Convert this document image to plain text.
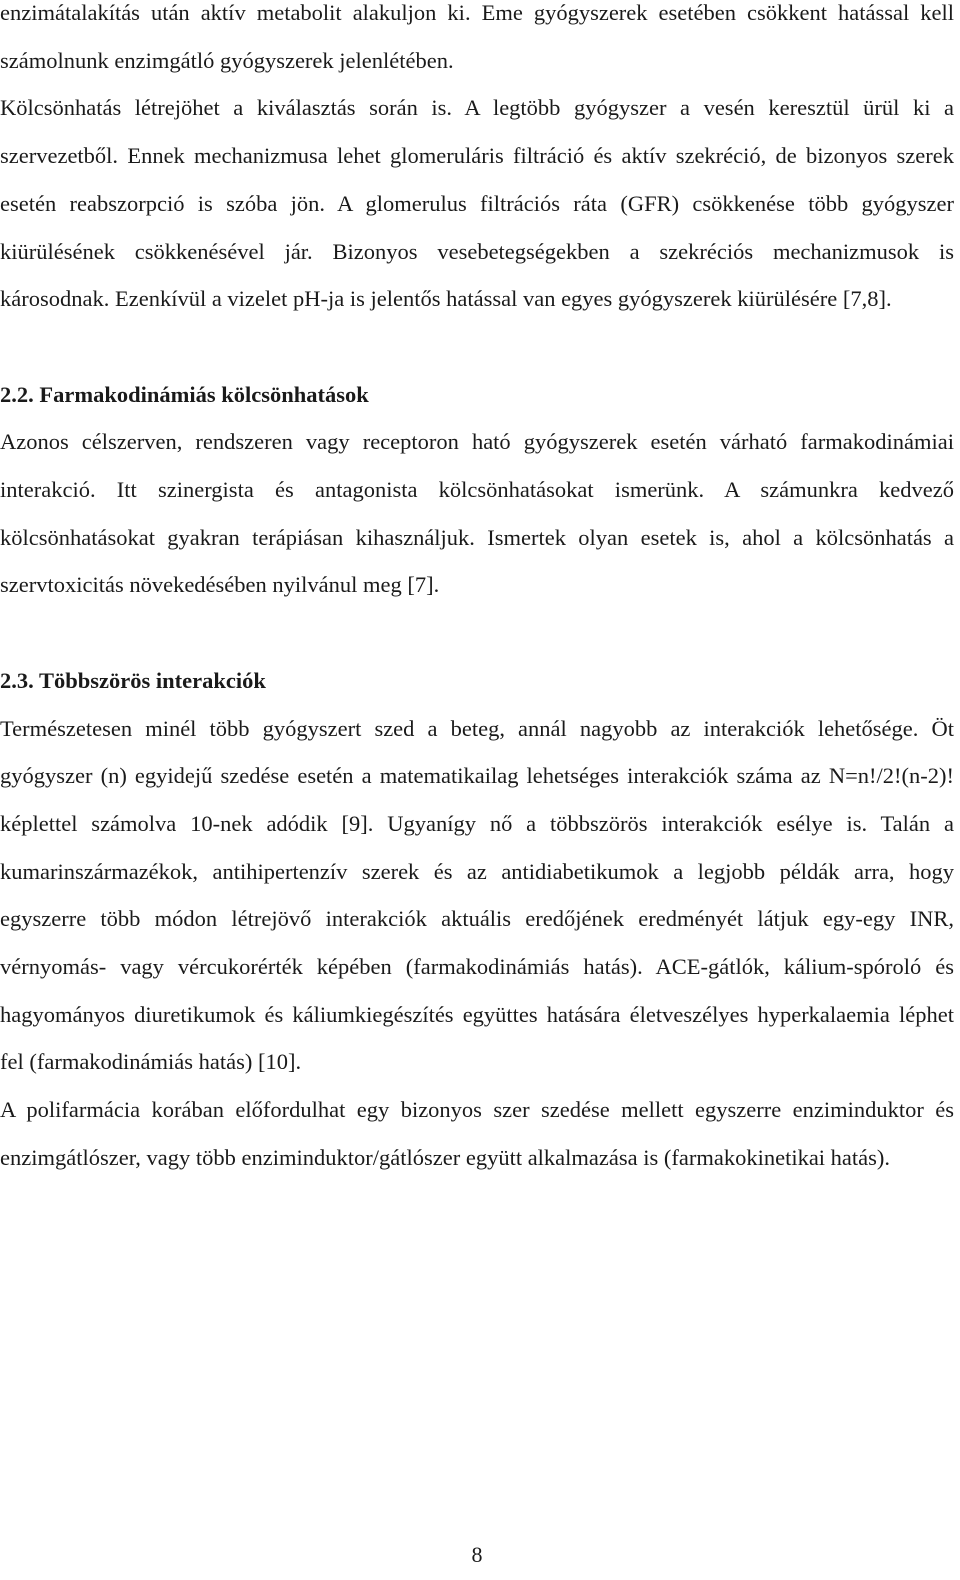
enzimátalakítás után aktív metabolit alakuljon ki. Eme gyógyszerek esetében csökkent hatással kell számolnunk enzimgátló gyógyszerek jelenlétében.

Kölcsönhatás létrejöhet a kiválasztás során is. A legtöbb gyógyszer a vesén keresztül ürül ki a szervezetből. Ennek mechanizmusa lehet glomeruláris filtráció és aktív szekréció, de bizonyos szerek esetén reabszorpció is szóba jön. A glomerulus filtrációs ráta (GFR) csökkenése több gyógyszer kiürülésének csökkenésével jár. Bizonyos vesebetegségekben a szekréciós mechanizmusok is károsodnak. Ezenkívül a vizelet pH-ja is jelentős hatással van egyes gyógyszerek kiürülésére [7,8].

2.2. Farmakodinámiás kölcsönhatások

Azonos célszerven, rendszeren vagy receptoron ható gyógyszerek esetén várható farmakodinámiai interakció. Itt szinergista és antagonista kölcsönhatásokat ismerünk. A számunkra kedvező kölcsönhatásokat gyakran terápiásan kihasználjuk. Ismertek olyan esetek is, ahol a kölcsönhatás a szervtoxicitás növekedésében nyilvánul meg [7].

2.3. Többszörös interakciók

Természetesen minél több gyógyszert szed a beteg, annál nagyobb az interakciók lehetősége. Öt gyógyszer (n) egyidejű szedése esetén a matematikailag lehetséges interakciók száma az N=n!/2!(n-2)! képlettel számolva 10-nek adódik [9]. Ugyanígy nő a többszörös interakciók esélye is. Talán a kumarinszármazékok, antihipertenzív szerek és az antidiabetikumok a legjobb példák arra, hogy egyszerre több módon létrejövő interakciók aktuális eredőjének eredményét látjuk egy-egy INR, vérnyomás- vagy vércukorérték képében (farmakodinámiás hatás). ACE-gátlók, kálium-spóroló és hagyományos diuretikumok és káliumkiegészítés együttes hatására életveszélyes hyperkalaemia léphet fel (farmakodinámiás hatás) [10].

A polifarmácia korában előfordulhat egy bizonyos szer szedése mellett egyszerre enziminduktor és enzimgátlószer, vagy több enziminduktor/gátlószer együtt alkalmazása is (farmakokinetikai hatás).

8
